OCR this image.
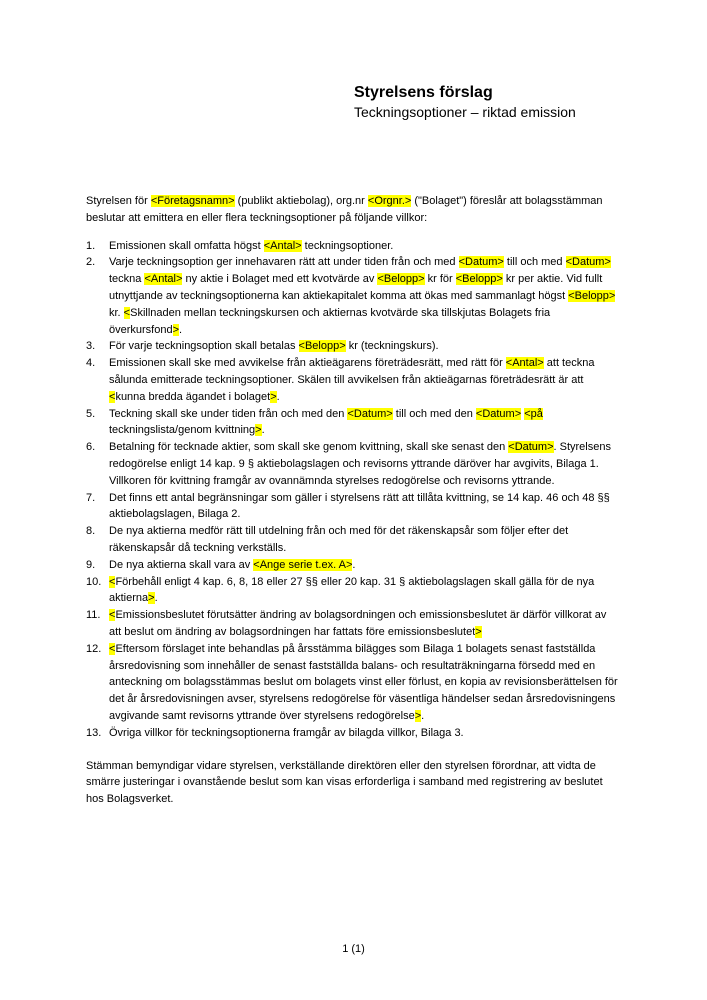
Styrelsens förslag

Teckningsoptioner – riktad emission

Styrelsen för <Företagsnamn> (publikt aktiebolag), org.nr <Orgnr.> ("Bolaget") föreslår att bolagsstämman beslutar att emittera en eller flera teckningsoptioner på följande villkor:

1. Emissionen skall omfatta högst <Antal> teckningsoptioner.
2. Varje teckningsoption ger innehavaren rätt att under tiden från och med <Datum> till och med <Datum> teckna <Antal> ny aktie i Bolaget med ett kvotvärde av <Belopp> kr för <Belopp> kr per aktie. Vid fullt utnyttjande av teckningsoptionerna kan aktiekapitalet komma att ökas med sammanlagt högst <Belopp> kr. <Skillnaden mellan teckningskursen och aktiernas kvotvärde ska tillskjutas Bolagets fria överkursfond>.
3. För varje teckningsoption skall betalas <Belopp> kr (teckningskurs).
4. Emissionen skall ske med avvikelse från aktieägarens företrädesrätt, med rätt för <Antal> att teckna sålunda emitterade teckningsoptioner. Skälen till avvikelsen från aktieägarnas företrädesrätt är att <kunna bredda ägandet i bolaget>.
5. Teckning skall ske under tiden från och med den <Datum> till och med den <Datum> <på teckningslista/genom kvittning>.
6. Betalning för tecknade aktier, som skall ske genom kvittning, skall ske senast den <Datum>. Styrelsens redogörelse enligt 14 kap. 9 § aktiebolagslagen och revisorns yttrande däröver har avgivits, Bilaga 1. Villkoren för kvittning framgår av ovannämnda styrelses redogörelse och revisorns yttrande.
7. Det finns ett antal begränsningar som gäller i styrelsens rätt att tillåta kvittning, se 14 kap. 46 och 48 §§ aktiebolagslagen, Bilaga 2.
8. De nya aktierna medför rätt till utdelning från och med för det räkenskapsår som följer efter det räkenskapsår då teckning verkställs.
9. De nya aktierna skall vara av <Ange serie t.ex. A>.
10. <Förbehåll enligt 4 kap. 6, 8, 18 eller 27 §§ eller 20 kap. 31 § aktiebolagslagen skall gälla för de nya aktierna>.
11. <Emissionsbeslutet förutsätter ändring av bolagsordningen och emissionsbeslutet är därför villkorat av att beslut om ändring av bolagsordningen har fattats före emissionsbeslutet>
12. <Eftersom förslaget inte behandlas på årsstämma bilägges som Bilaga 1 bolagets senast fastställda årsredovisning som innehåller de senast fastställda balans- och resultaträkningarna försedd med en anteckning om bolagsstämmas beslut om bolagets vinst eller förlust, en kopia av revisionsberättelsen för det år årsredovisningen avser, styrelsens redogörelse för väsentliga händelser sedan årsredovisningens avgivande samt revisorns yttrande över styrelsens redogörelse>.
13. Övriga villkor för teckningsoptionerna framgår av bilagda villkor, Bilaga 3.

Stämman bemyndigar vidare styrelsen, verkställande direktören eller den styrelsen förordnar, att vidta de smärre justeringar i ovanstående beslut som kan visas erforderliga i samband med registrering av beslutet hos Bolagsverket.

1 (1)
